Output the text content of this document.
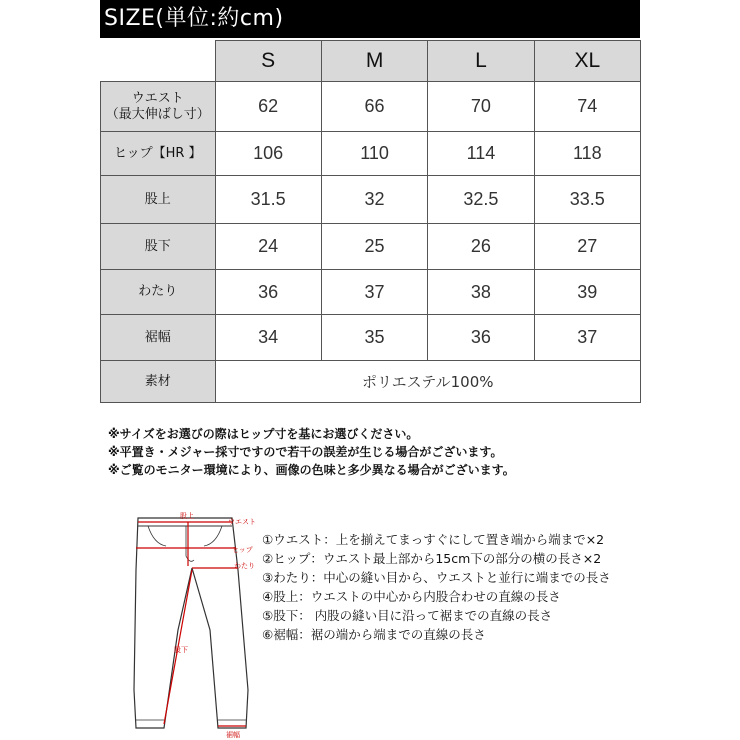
SIZE(単位:約cm)
	S	M	L	XL

ウエスト
（最大伸ばし寸）	62	66	70	74
ヒップ【HR 】	106	110	114	118
股上	31.5	32	32.5	33.5
股下	24	25	26	27
わたり	36	37	38	39
裾幅	34	35	36	37
素材	ポリエステル100%			
※サイズをお選びの際はヒップ寸を基にお選びください。
※平置き・メジャー採寸ですので若干の誤差が生じる場合がございます。
※ご覧のモニター環境により、画像の色味と多少異なる場合がございます。
股上
ウエスト
ヒップ
わたり
股下
裾幅
①ウエスト：上を揃えてまっすぐにして置き端から端まで×2
②ヒップ：ウエスト最上部から15cm下の部分の横の長さ×2
③わたり：中心の縫い目から、ウエストと並行に端までの長さ
④股上：ウエストの中心から内股合わせの直線の長さ
⑤股下： 内股の縫い目に沿って裾までの直線の長さ
⑥裾幅：裾の端から端までの直線の長さ
